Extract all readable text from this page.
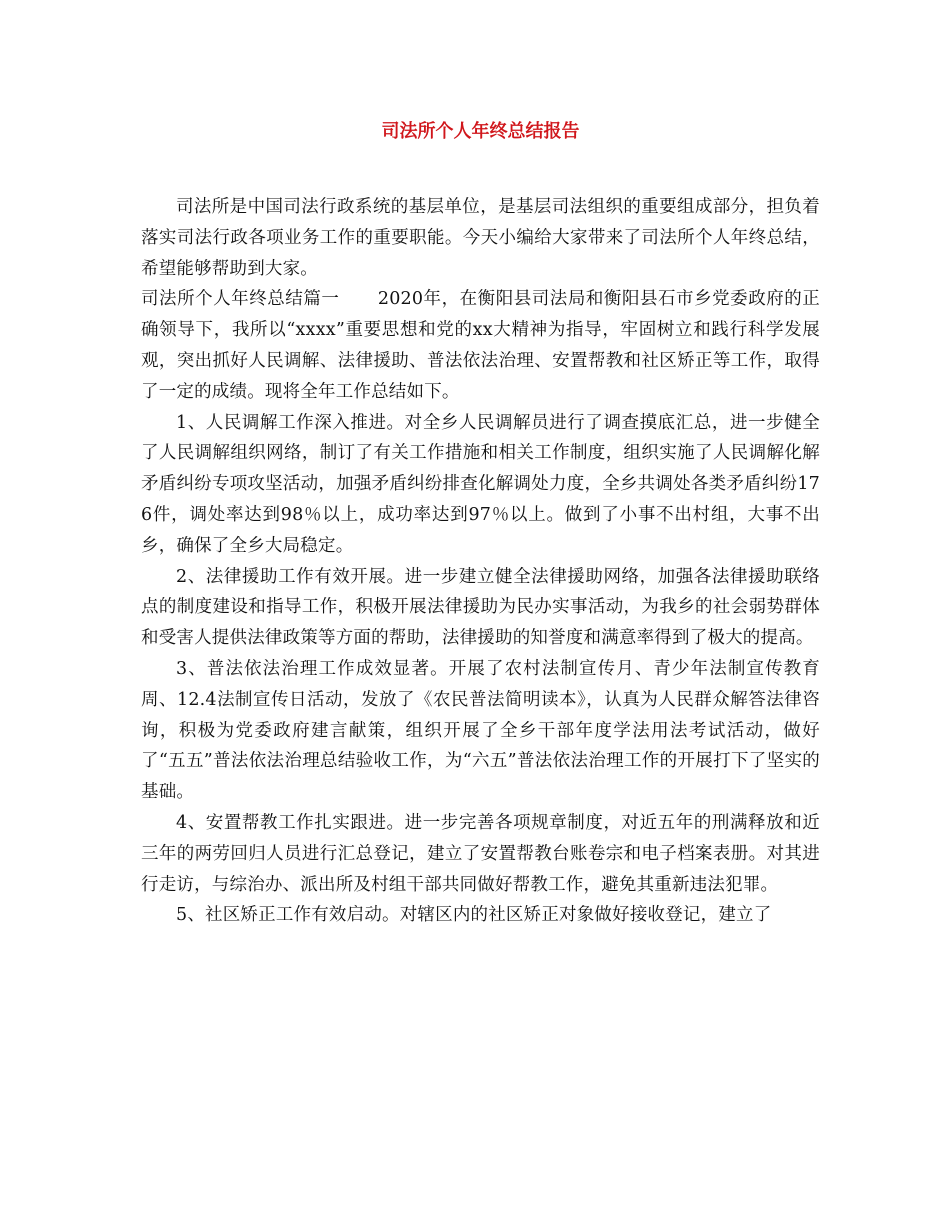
司法所个人年终总结报告

司法所是中国司法行政系统的基层单位，是基层司法组织的重要组成部分，担负着落实司法行政各项业务工作的重要职能。今天小编给大家带来了司法所个人年终总结，希望能够帮助到大家。

司法所个人年终总结篇一 2020年，在衡阳县司法局和衡阳县石市乡党委政府的正确领导下，我所以“xxxx”重要思想和党的xx大精神为指导，牢固树立和践行科学发展观，突出抓好人民调解、法律援助、普法依法治理、安置帮教和社区矫正等工作，取得了一定的成绩。现将全年工作总结如下。

1、人民调解工作深入推进。对全乡人民调解员进行了调查摸底汇总，进一步健全了人民调解组织网络，制订了有关工作措施和相关工作制度，组织实施了人民调解化解矛盾纠纷专项攻坚活动，加强矛盾纠纷排查化解调处力度，全乡共调处各类矛盾纠纷176件，调处率达到98％以上，成功率达到97％以上。做到了小事不出村组，大事不出乡，确保了全乡大局稳定。

2、法律援助工作有效开展。进一步建立健全法律援助网络，加强各法律援助联络点的制度建设和指导工作，积极开展法律援助为民办实事活动，为我乡的社会弱势群体和受害人提供法律政策等方面的帮助，法律援助的知誉度和满意率得到了极大的提高。

3、普法依法治理工作成效显著。开展了农村法制宣传月、青少年法制宣传教育周、12.4法制宣传日活动，发放了《农民普法简明读本》，认真为人民群众解答法律咨询，积极为党委政府建言献策，组织开展了全乡干部年度学法用法考试活动，做好了“五五”普法依法治理总结验收工作，为“六五”普法依法治理工作的开展打下了坚实的基础。

4、安置帮教工作扎实跟进。进一步完善各项规章制度，对近五年的刑满释放和近三年的两劳回归人员进行汇总登记，建立了安置帮教台账卷宗和电子档案表册。对其进行走访，与综治办、派出所及村组干部共同做好帮教工作，避免其重新违法犯罪。

5、社区矫正工作有效启动。对辖区内的社区矫正对象做好接收登记，建立了
